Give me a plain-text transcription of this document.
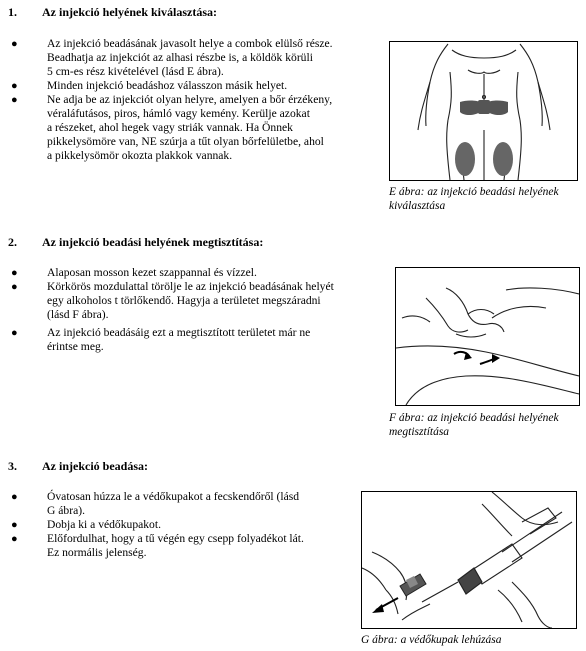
1. Az injekció helyének kiválasztása:
●	Az injekció beadásának javasolt helye a combok elülső része.
Beadhatja az injekciót az alhasi részbe is, a köldök körüli
5 cm-es rész kivételével (lásd E ábra).
●	Minden injekció beadáshoz válasszon másik helyet.
●	Ne adja be az injekciót olyan helyre, amelyen a bőr érzékeny,
véraláfutásos, piros, hámló vagy kemény. Kerülje azokat
a részeket, ahol hegek vagy striák vannak. Ha Önnek
pikkelysömöre van, NE szúrja a tűt olyan bőrfelületbe, ahol
a pikkelysömör okozta plakkok vannak.
E ábra: az injekció beadási helyének
kiválasztása
2. Az injekció beadási helyének megtisztítása:
●	Alaposan mosson kezet szappannal és vízzel.
●	Körkörös mozdulattal törölje le az injekció beadásának helyét
egy alkoholos t törlőkendő. Hagyja a területet megszáradni
(lásd F ábra).
●	Az injekció beadásáig ezt a megtisztított területet már ne
érintse meg.
F ábra: az injekció beadási helyének
megtisztítása
3. Az injekció beadása:
●	Óvatosan húzza le a védőkupakot a fecskendőről (lásd
G ábra).
●	Dobja ki a védőkupakot.
●	Előfordulhat, hogy a tű végén egy csepp folyadékot lát.
Ez normális jelenség.
G ábra: a védőkupak lehúzása
